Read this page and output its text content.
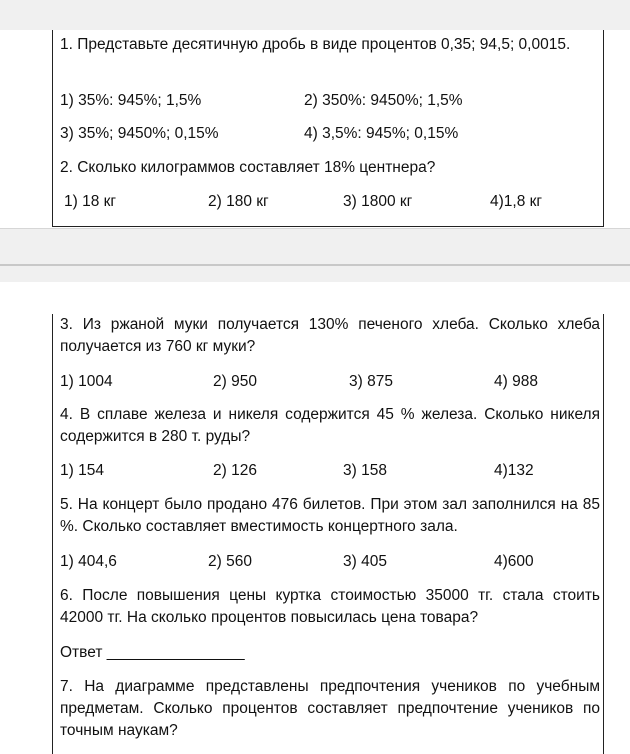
1. Представьте десятичную дробь в виде процентов 0,35; 94,5; 0,0015.
1) 35%: 945%; 1,5%	2) 350%: 9450%; 1,5%
3) 35%; 9450%; 0,15%	4) 3,5%: 945%; 0,15%
2. Сколько килограммов составляет 18% центнера?
1) 18 кг	2) 180 кг	3) 1800 кг	4)1,8 кг
3. Из ржаной муки получается 130% печеного хлеба. Сколько хлеба получается из 760 кг муки?
1) 1004	2) 950	3) 875	4) 988
4. В сплаве железа и никеля содержится 45 % железа. Сколько никеля содержится в 280 т. руды?
1) 154	2) 126	3) 158	4)132
5. На концерт было продано 476 билетов. При этом зал заполнился на 85 %. Сколько составляет вместимость концертного зала.
1) 404,6	2) 560	3) 405	4)600
6. После повышения цены куртка стоимостью 35000 тг. стала стоить 42000 тг. На сколько процентов повысилась цена товара?
Ответ ________________
7. На диаграмме представлены предпочтения учеников по учебным предметам. Сколько процентов составляет предпочтение учеников по точным наукам?
